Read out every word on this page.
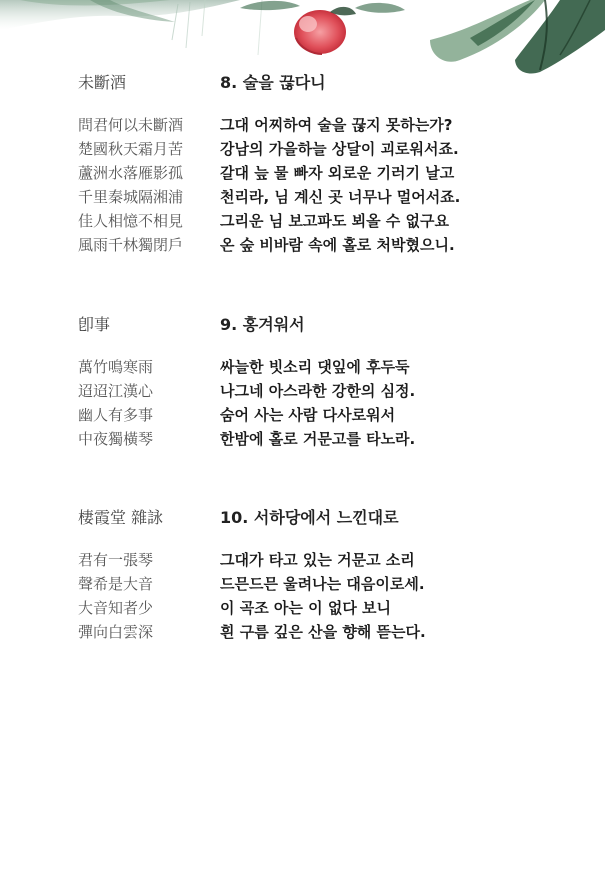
未斷酒	8. 술을 끊다니
問君何以未斷酒	그대 어찌하여 술을 끊지 못하는가?
楚國秋天霜月苦	강남의 가을하늘 상달이 괴로워서죠.
蘆洲水落雁影孤	갈대 늪 물 빠자 외로운 기러기 날고
千里秦城隔湘浦	천리라, 님 계신 곳 너무나 멀어서죠.
佳人相憶不相見	그리운 님 보고파도 뵈올 수 없구요
風雨千林獨閉戶	온 숲 비바람 속에 홀로 처박혔으니.
卽事	9. 홍겨워서
萬竹鳴寒雨	싸늘한 빗소리 댓잎에 후두둑
迢迢江漢心	나그네 아스라한 강한의 심정.
幽人有多事	숨어 사는 사람 다사로워서
中夜獨橫琴	한밤에 홀로 거문고를 타노라.
棲霞堂 雜詠	10. 서하당에서 느낀대로
君有一張琴	그대가 타고 있는 거문고 소리
聲希是大音	드믄드믄 울려나는 대음이로세.
大音知者少	이 곡조 아는 이 없다 보니
彈向白雲深	흰 구름 깊은 산을 향해 뜯는다.
